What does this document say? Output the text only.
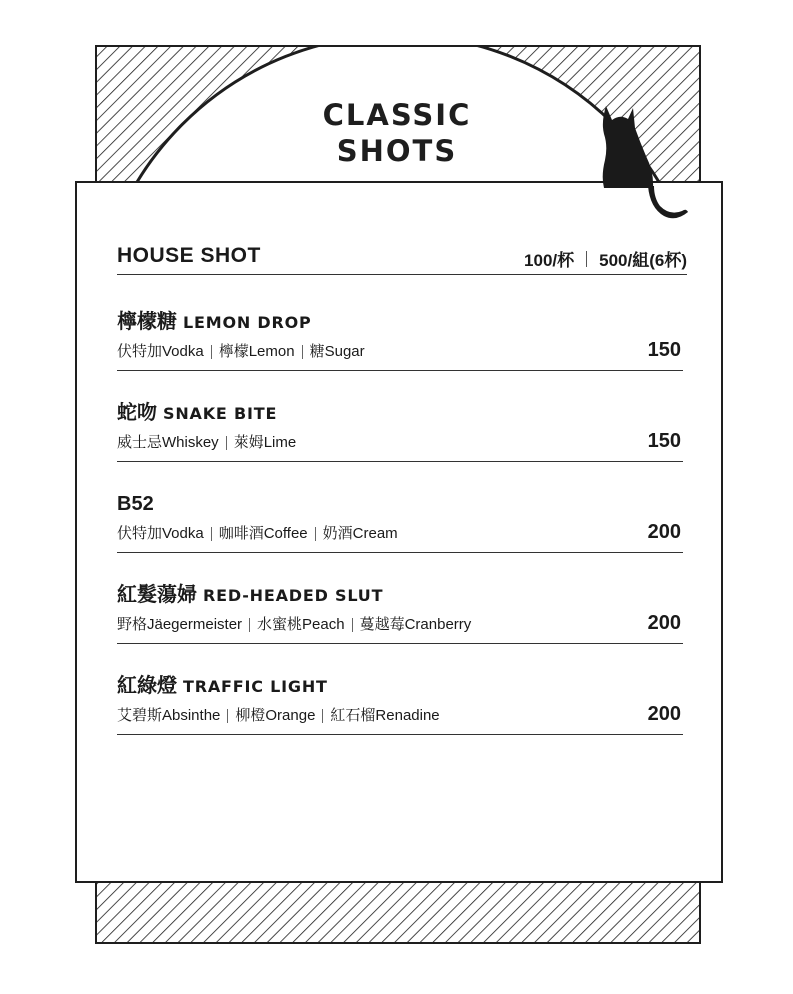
CLASSIC
SHOTS
HOUSE SHOT	100/杯 500/組(6杯)
檸檬糖 LEMON DROP
伏特加Vodka 檸檬Lemon 糖Sugar	150
蛇吻 SNAKE BITE
威士忌Whiskey 萊姆Lime	150
B52
伏特加Vodka 咖啡酒Coffee 奶酒Cream	200
紅髮蕩婦 RED-HEADED SLUT
野格Jäegermeister 水蜜桃Peach 蔓越莓Cranberry	200
紅綠燈 TRAFFIC LIGHT
艾碧斯Absinthe 柳橙Orange 紅石榴Renadine	200
